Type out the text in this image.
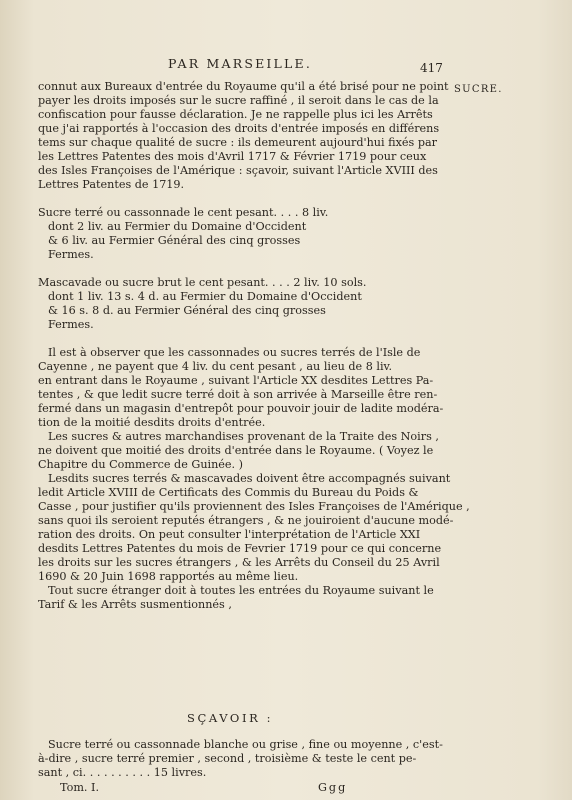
PAR MARSEILLE.	417
SUCRE.
connut aux Bureaux d'entrée du Royaume qu'il a été brisé pour ne point
payer les droits imposés sur le sucre raffiné , il seroit dans le cas de la
confiscation pour fausse déclaration. Je ne rappelle plus ici les Arrêts
que j'ai rapportés à l'occasion des droits d'entrée imposés en différens
tems sur chaque qualité de sucre : ils demeurent aujourd'hui fixés par
les Lettres Patentes des mois d'Avril 1717 & Février 1719 pour ceux
des Isles Françoises de l'Amérique : sçavoir, suivant l'Article XVIII des
Lettres Patentes de 1719.
Sucre terré ou cassonnade le cent pesant. . . . 8 liv.
dont 2 liv. au Fermier du Domaine d'Occident
& 6 liv. au Fermier Général des cinq grosses
Fermes.
Mascavade ou sucre brut le cent pesant. . . . 2 liv. 10 sols.
dont 1 liv. 13 s. 4 d. au Fermier du Domaine d'Occident
& 16 s. 8 d. au Fermier Général des cinq grosses
Fermes.
Il est à observer que les cassonnades ou sucres terrés de l'Isle de
Cayenne , ne payent que 4 liv. du cent pesant , au lieu de 8 liv.
en entrant dans le Royaume , suivant l'Article XX desdites Lettres Pa-
tentes , & que ledit sucre terré doit à son arrivée à Marseille être ren-
fermé dans un magasin d'entrepôt pour pouvoir jouir de ladite modéra-
tion de la moitié desdits droits d'entrée.
Les sucres & autres marchandises provenant de la Traite des Noirs ,
ne doivent que moitié des droits d'entrée dans le Royaume. ( Voyez le
Chapitre du Commerce de Guinée. )
Lesdits sucres terrés & mascavades doivent être accompagnés suivant
ledit Article XVIII de Certificats des Commis du Bureau du Poids &
Casse , pour justifier qu'ils proviennent des Isles Françoises de l'Amérique ,
sans quoi ils seroient reputés étrangers , & ne jouiroient d'aucune modé-
ration des droits. On peut consulter l'interprétation de l'Article XXI
desdits Lettres Patentes du mois de Fevrier 1719 pour ce qui concerne
les droits sur les sucres étrangers , & les Arrêts du Conseil du 25 Avril
1690 & 20 Juin 1698 rapportés au même lieu.
Tout sucre étranger doit à toutes les entrées du Royaume suivant le
Tarif & les Arrêts susmentionnés ,
SÇAVOIR :
Sucre terré ou cassonnade blanche ou grise , fine ou moyenne , c'est-
à-dire , sucre terré premier , second , troisième & teste le cent pe-
sant , ci. . . . . . . . . . 15 livres.
Tom. I.	Ggg
